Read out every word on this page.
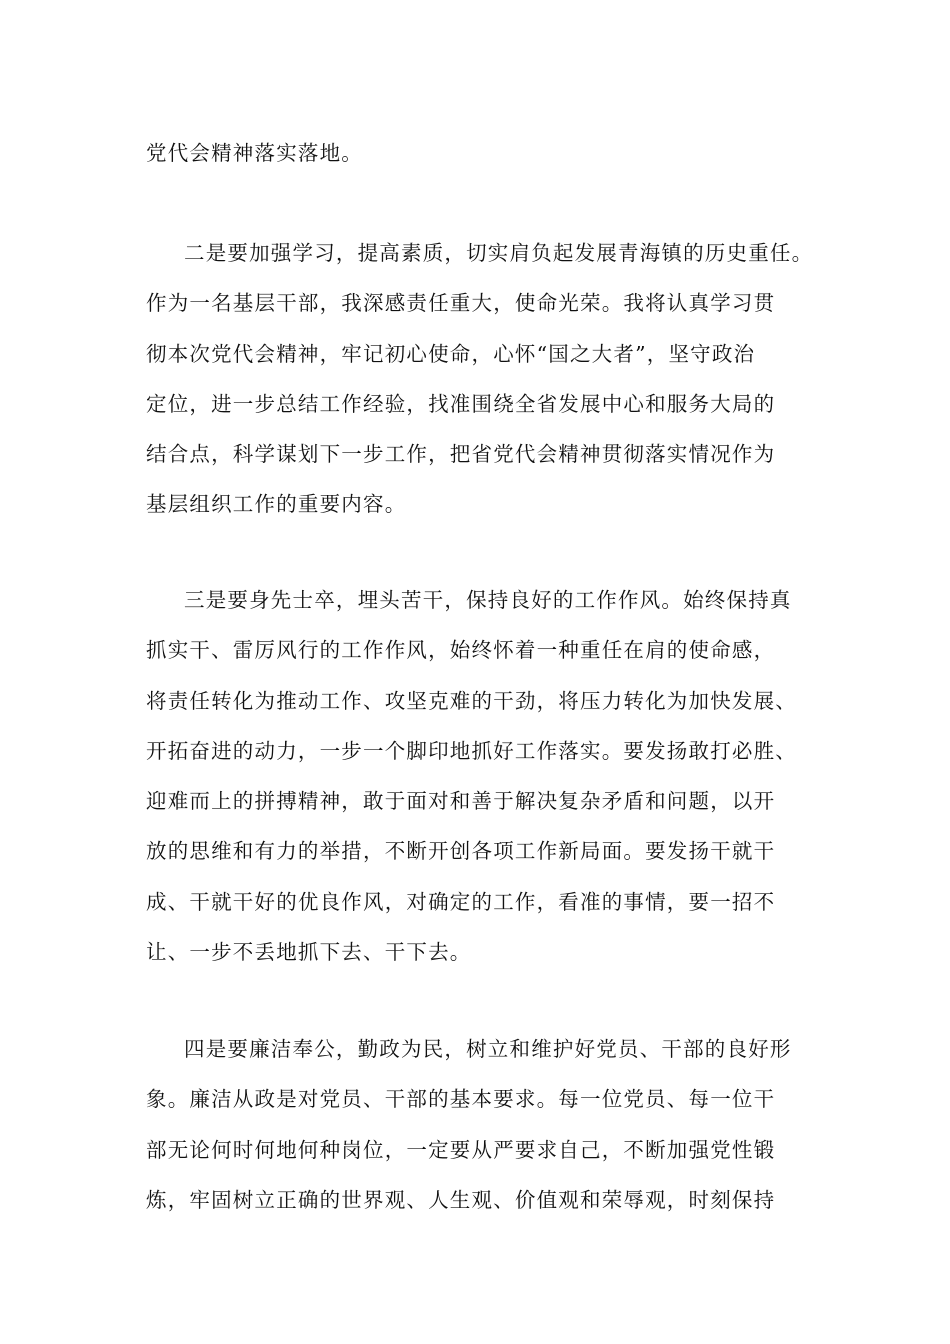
党代会精神落实落地。
二是要加强学习，提高素质，切实肩负起发展青海镇的历史重任。
作为一名基层干部，我深感责任重大，使命光荣。我将认真学习贯
彻本次党代会精神，牢记初心使命，心怀“国之大者”，坚守政治
定位，进一步总结工作经验，找准围绕全省发展中心和服务大局的
结合点，科学谋划下一步工作，把省党代会精神贯彻落实情况作为
基层组织工作的重要内容。
三是要身先士卒，埋头苦干，保持良好的工作作风。始终保持真
抓实干、雷厉风行的工作作风，始终怀着一种重任在肩的使命感，
将责任转化为推动工作、攻坚克难的干劲，将压力转化为加快发展、
开拓奋进的动力，一步一个脚印地抓好工作落实。要发扬敢打必胜、
迎难而上的拼搏精神，敢于面对和善于解决复杂矛盾和问题，以开
放的思维和有力的举措，不断开创各项工作新局面。要发扬干就干
成、干就干好的优良作风，对确定的工作，看准的事情，要一招不
让、一步不丢地抓下去、干下去。
四是要廉洁奉公，勤政为民，树立和维护好党员、干部的良好形
象。廉洁从政是对党员、干部的基本要求。每一位党员、每一位干
部无论何时何地何种岗位，一定要从严要求自己，不断加强党性锻
炼，牢固树立正确的世界观、人生观、价值观和荣辱观，时刻保持
